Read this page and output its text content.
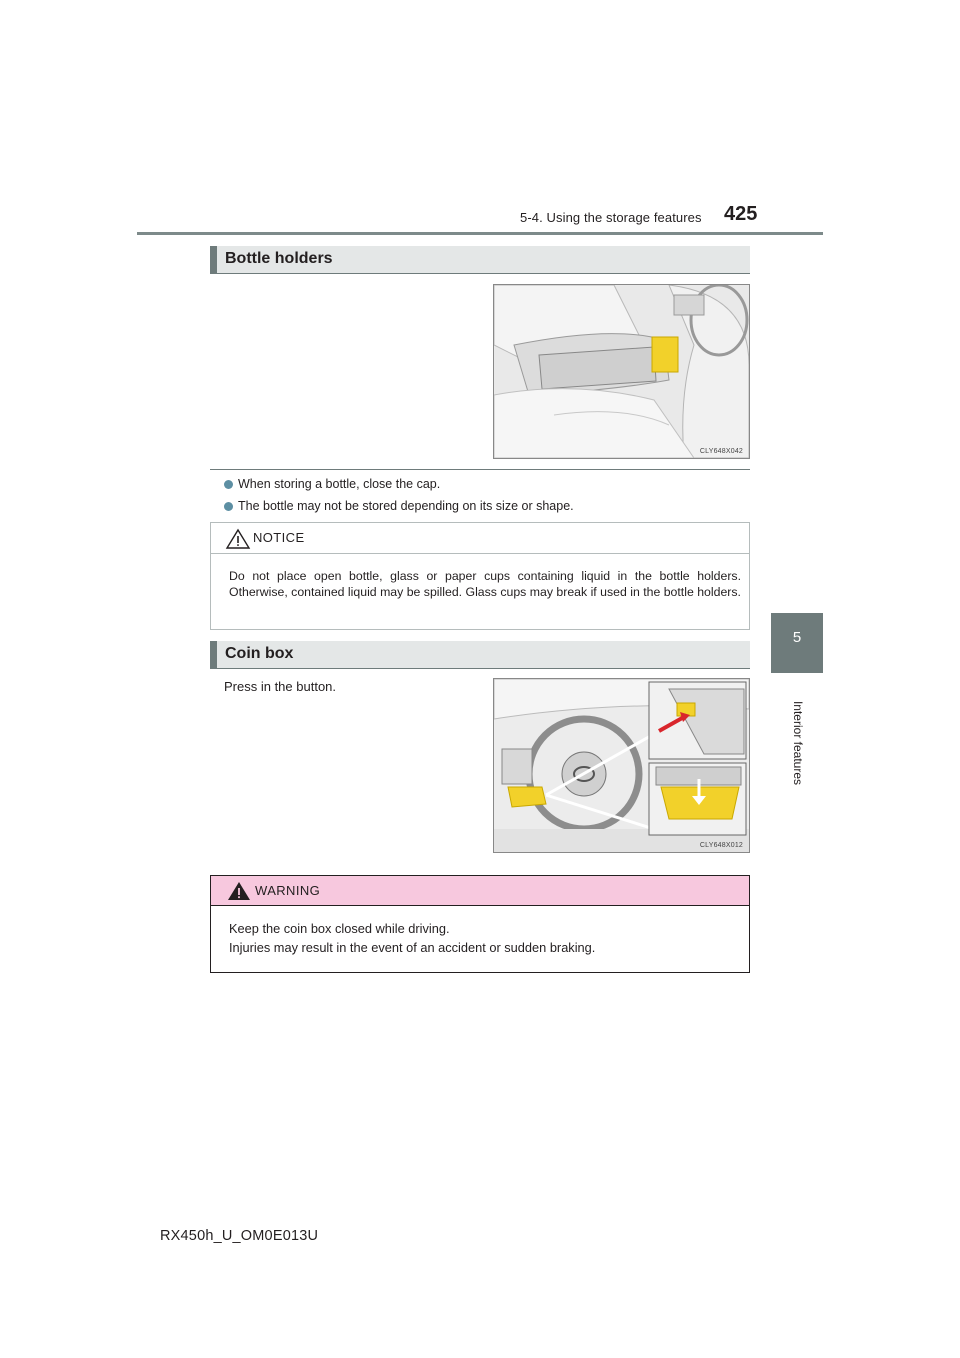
5-4. Using the storage features 425
5
Interior features
Bottle holders
CLY648X042
When storing a bottle, close the cap.
The bottle may not be stored depending on its size or shape.
NOTICE
Do not place open bottle, glass or paper cups containing liquid in the bottle holders. Otherwise, contained liquid may be spilled. Glass cups may break if used in the bottle holders.
Coin box
Press in the button.
CLY648X012
WARNING
Keep the coin box closed while driving.
Injuries may result in the event of an accident or sudden braking.
RX450h_U_OM0E013U
